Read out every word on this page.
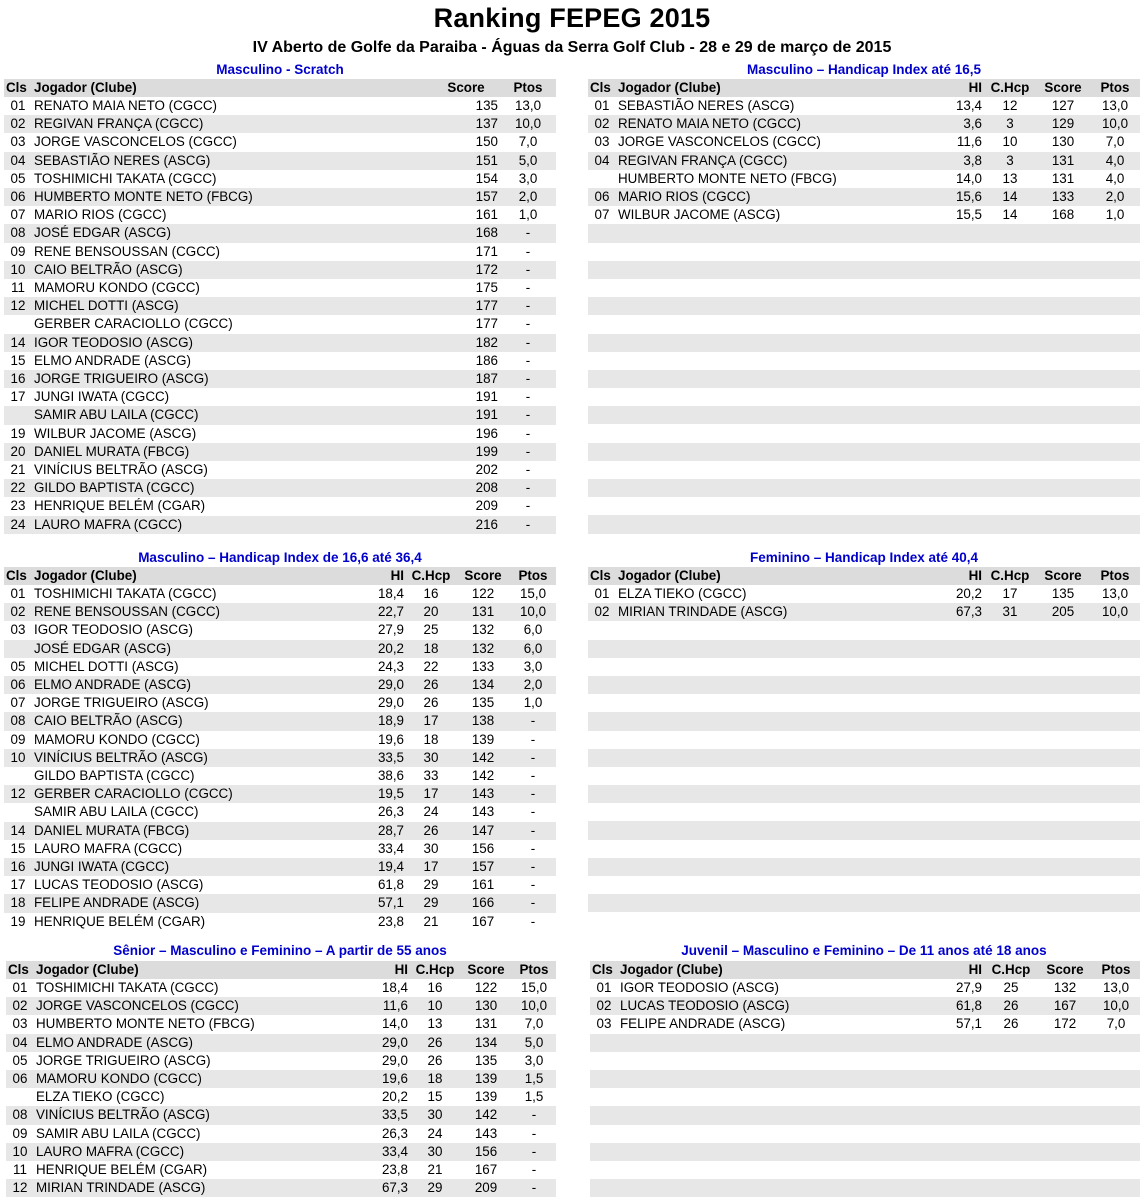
Ranking FEPEG 2015
IV Aberto de Golfe da Paraiba - Águas da Serra Golf Club - 28 e 29 de março de 2015
Masculino - Scratch	Masculino – Handicap Index até 16,5
Masculino – Handicap Index de 16,6 até 36,4	Feminino – Handicap Index até 40,4
Sênior – Masculino e Feminino – A partir de 55 anos	Juvenil – Masculino e Feminino – De 11 anos até 18 anos
Cls	Jogador (Clube)	Score	Ptos
01	RENATO MAIA NETO (CGCC)	135	13,0
02	REGIVAN FRANÇA (CGCC)	137	10,0
03	JORGE VASCONCELOS (CGCC)	150	7,0
04	SEBASTIÃO NERES (ASCG)	151	5,0
05	TOSHIMICHI TAKATA (CGCC)	154	3,0
06	HUMBERTO MONTE NETO (FBCG)	157	2,0
07	MARIO RIOS (CGCC)	161	1,0
08	JOSÉ EDGAR (ASCG)	168	-
09	RENE BENSOUSSAN (CGCC)	171	-
10	CAIO BELTRÃO (ASCG)	172	-
11	MAMORU KONDO (CGCC)	175	-
12	MICHEL DOTTI (ASCG)	177	-
	GERBER CARACIOLLO (CGCC)	177	-
14	IGOR TEODOSIO (ASCG)	182	-
15	ELMO ANDRADE (ASCG)	186	-
16	JORGE TRIGUEIRO (ASCG)	187	-
17	JUNGI IWATA (CGCC)	191	-
	SAMIR ABU LAILA (CGCC)	191	-
19	WILBUR JACOME (ASCG)	196	-
20	DANIEL MURATA (FBCG)	199	-
21	VINÍCIUS BELTRÃO (ASCG)	202	-
22	GILDO BAPTISTA (CGCC)	208	-
23	HENRIQUE BELÉM (CGAR)	209	-
24	LAURO MAFRA (CGCC)	216	-
Cls	Jogador (Clube)	HI	C.Hcp	Score	Ptos
01	SEBASTIÃO NERES (ASCG)	13,4	12	127	13,0
02	RENATO MAIA NETO (CGCC)	3,6	3	129	10,0
03	JORGE VASCONCELOS (CGCC)	11,6	10	130	7,0
04	REGIVAN FRANÇA (CGCC)	3,8	3	131	4,0
	HUMBERTO MONTE NETO (FBCG)	14,0	13	131	4,0
06	MARIO RIOS (CGCC)	15,6	14	133	2,0
07	WILBUR JACOME (ASCG)	15,5	14	168	1,0

Cls	Jogador (Clube)	HI	C.Hcp	Score	Ptos
01	TOSHIMICHI TAKATA (CGCC)	18,4	16	122	15,0
02	RENE BENSOUSSAN (CGCC)	22,7	20	131	10,0
03	IGOR TEODOSIO (ASCG)	27,9	25	132	6,0
	JOSÉ EDGAR (ASCG)	20,2	18	132	6,0
05	MICHEL DOTTI (ASCG)	24,3	22	133	3,0
06	ELMO ANDRADE (ASCG)	29,0	26	134	2,0
07	JORGE TRIGUEIRO (ASCG)	29,0	26	135	1,0
08	CAIO BELTRÃO (ASCG)	18,9	17	138	-
09	MAMORU KONDO (CGCC)	19,6	18	139	-
10	VINÍCIUS BELTRÃO (ASCG)	33,5	30	142	-
	GILDO BAPTISTA (CGCC)	38,6	33	142	-
12	GERBER CARACIOLLO (CGCC)	19,5	17	143	-
	SAMIR ABU LAILA (CGCC)	26,3	24	143	-
14	DANIEL MURATA (FBCG)	28,7	26	147	-
15	LAURO MAFRA (CGCC)	33,4	30	156	-
16	JUNGI IWATA (CGCC)	19,4	17	157	-
17	LUCAS TEODOSIO (ASCG)	61,8	29	161	-
18	FELIPE ANDRADE (ASCG)	57,1	29	166	-
19	HENRIQUE BELÉM (CGAR)	23,8	21	167	-
Cls	Jogador (Clube)	HI	C.Hcp	Score	Ptos
01	ELZA TIEKO (CGCC)	20,2	17	135	13,0
02	MIRIAN TRINDADE (ASCG)	67,3	31	205	10,0

Cls	Jogador (Clube)	HI	C.Hcp	Score	Ptos
01	TOSHIMICHI TAKATA (CGCC)	18,4	16	122	15,0
02	JORGE VASCONCELOS (CGCC)	11,6	10	130	10,0
03	HUMBERTO MONTE NETO (FBCG)	14,0	13	131	7,0
04	ELMO ANDRADE (ASCG)	29,0	26	134	5,0
05	JORGE TRIGUEIRO (ASCG)	29,0	26	135	3,0
06	MAMORU KONDO (CGCC)	19,6	18	139	1,5
	ELZA TIEKO (CGCC)	20,2	15	139	1,5
08	VINÍCIUS BELTRÃO (ASCG)	33,5	30	142	-
09	SAMIR ABU LAILA (CGCC)	26,3	24	143	-
10	LAURO MAFRA (CGCC)	33,4	30	156	-
11	HENRIQUE BELÉM (CGAR)	23,8	21	167	-
12	MIRIAN TRINDADE (ASCG)	67,3	29	209	-
Cls	Jogador (Clube)	HI	C.Hcp	Score	Ptos
01	IGOR TEODOSIO (ASCG)	27,9	25	132	13,0
02	LUCAS TEODOSIO (ASCG)	61,8	26	167	10,0
03	FELIPE ANDRADE (ASCG)	57,1	26	172	7,0
